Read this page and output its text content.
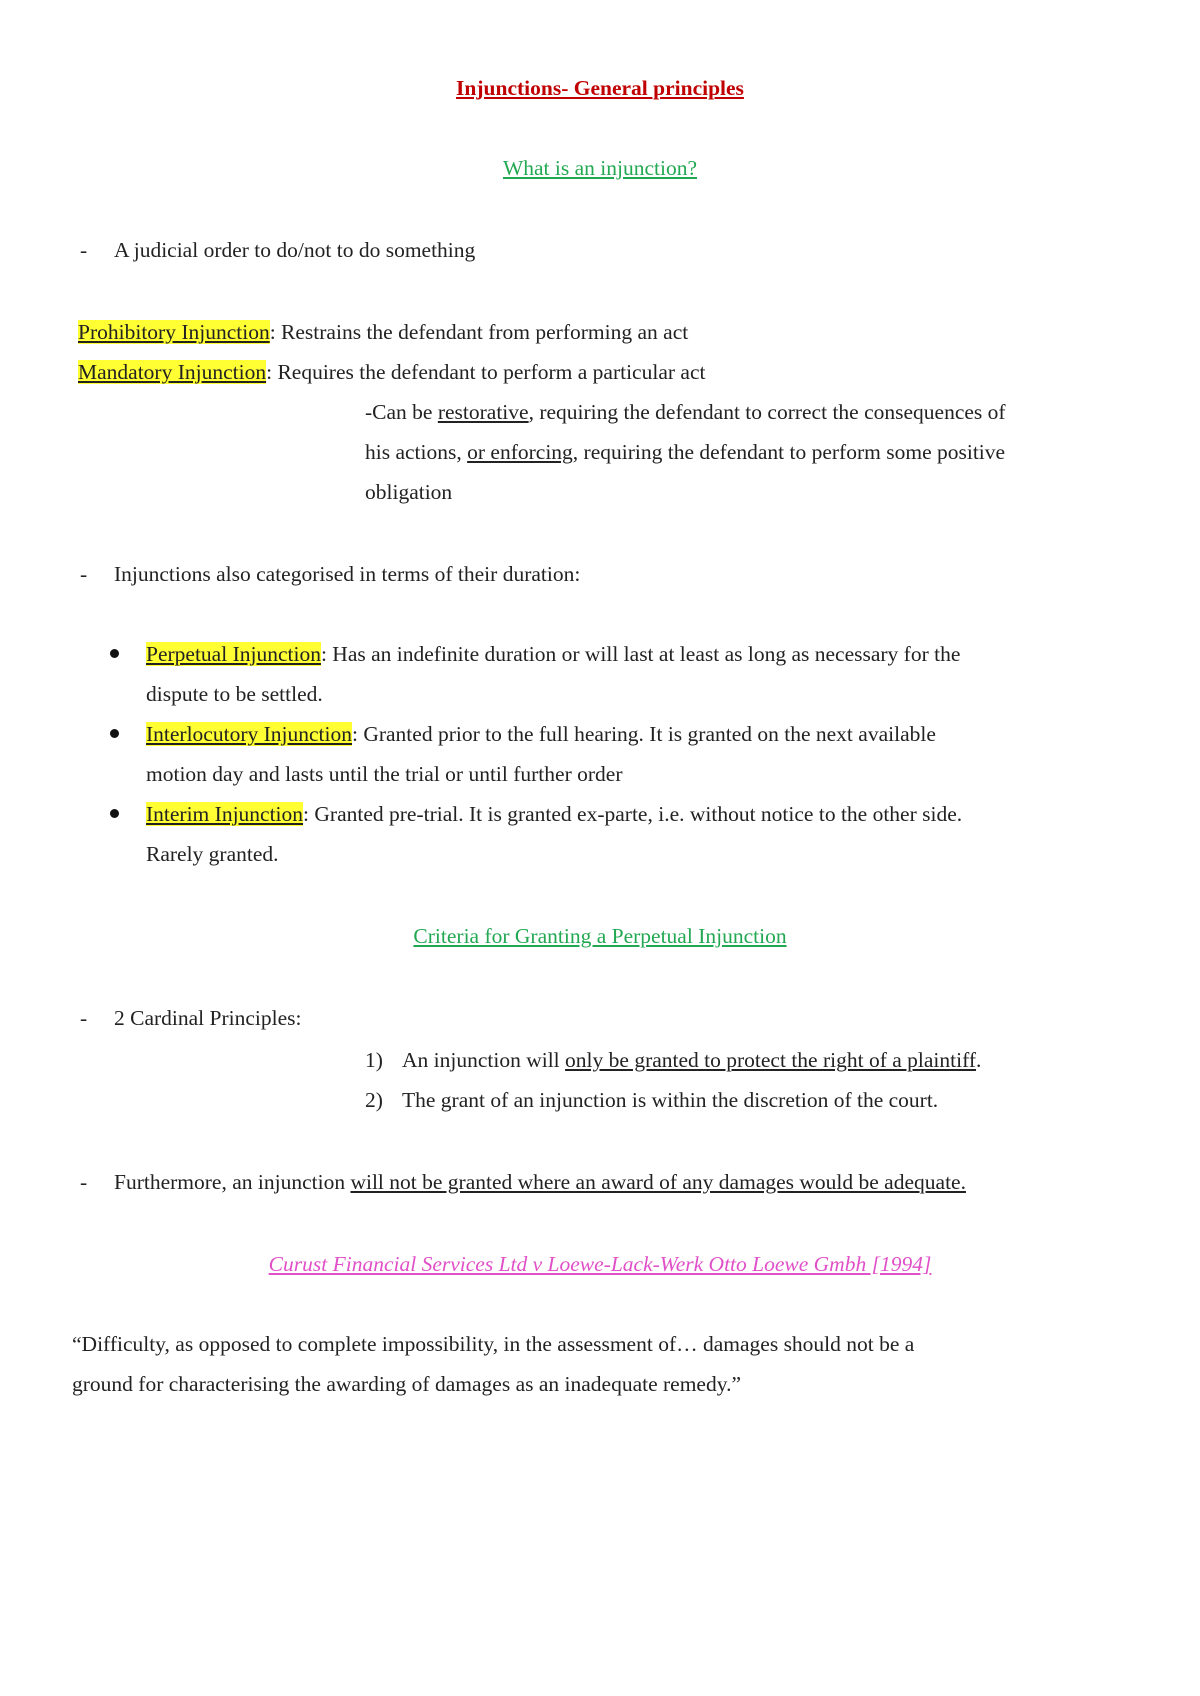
Injunctions- General principles
What is an injunction?
- A judicial order to do/not to do something
Prohibitory Injunction: Restrains the defendant from performing an act
Mandatory Injunction: Requires the defendant to perform a particular act
-Can be restorative, requiring the defendant to correct the consequences of
his actions, or enforcing, requiring the defendant to perform some positive
obligation
- Injunctions also categorised in terms of their duration:
Perpetual Injunction: Has an indefinite duration or will last at least as long as necessary for the
dispute to be settled.
Interlocutory Injunction: Granted prior to the full hearing. It is granted on the next available
motion day and lasts until the trial or until further order
Interim Injunction: Granted pre-trial. It is granted ex-parte, i.e. without notice to the other side.
Rarely granted.
Criteria for Granting a Perpetual Injunction
- 2 Cardinal Principles:
1) An injunction will only be granted to protect the right of a plaintiff.
2) The grant of an injunction is within the discretion of the court.
- Furthermore, an injunction will not be granted where an award of any damages would be adequate.
Curust Financial Services Ltd v Loewe-Lack-Werk Otto Loewe Gmbh [1994]
“Difficulty, as opposed to complete impossibility, in the assessment of… damages should not be a
ground for characterising the awarding of damages as an inadequate remedy.”
